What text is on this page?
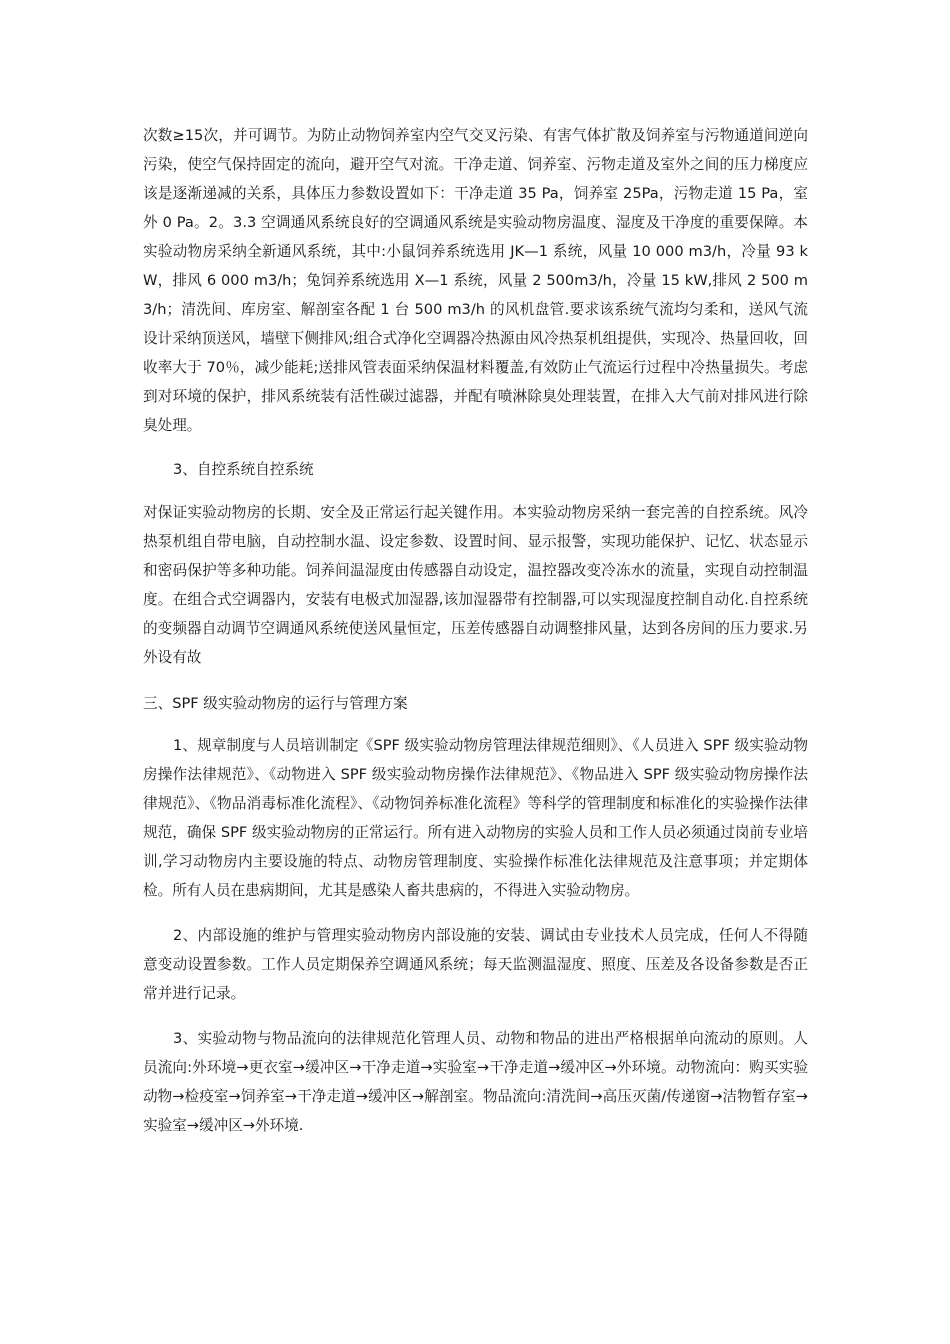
次数≥15次，并可调节。为防止动物饲养室内空气交叉污染、有害气体扩散及饲养室与污物通道间逆向污染，使空气保持固定的流向，避开空气对流。干净走道、饲养室、污物走道及室外之间的压力梯度应该是逐渐递减的关系，具体压力参数设置如下：干净走道 35 Pa，饲养室 25Pa，污物走道 15 Pa，室外 0 Pa。2。3.3 空调通风系统良好的空调通风系统是实验动物房温度、湿度及干净度的重要保障。本实验动物房采纳全新通风系统，其中:小鼠饲养系统选用 JK—1 系统，风量 10 000 m3/h，冷量 93 kW，排风 6 000 m3/h；兔饲养系统选用 X—1 系统，风量 2 500m3/h，冷量 15 kW,排风 2 500 m3/h；清洗间、库房室、解剖室各配 1 台 500 m3/h 的风机盘管.要求该系统气流均匀柔和，送风气流设计采纳顶送风，墙壁下侧排风;组合式净化空调器冷热源由风冷热泵机组提供，实现冷、热量回收，回收率大于 70％，减少能耗;送排风管表面采纳保温材料覆盖,有效防止气流运行过程中冷热量损失。考虑到对环境的保护，排风系统装有活性碳过滤器，并配有喷淋除臭处理装置，在排入大气前对排风进行除臭处理。

3、自控系统自控系统

对保证实验动物房的长期、安全及正常运行起关键作用。本实验动物房采纳一套完善的自控系统。风冷热泵机组自带电脑，自动控制水温、设定参数、设置时间、显示报警，实现功能保护、记忆、状态显示和密码保护等多种功能。饲养间温湿度由传感器自动设定，温控器改变冷冻水的流量，实现自动控制温度。在组合式空调器内，安装有电极式加湿器,该加湿器带有控制器,可以实现湿度控制自动化.自控系统的变频器自动调节空调通风系统使送风量恒定，压差传感器自动调整排风量，达到各房间的压力要求.另外设有故

三、SPF 级实验动物房的运行与管理方案

1、规章制度与人员培训制定《SPF 级实验动物房管理法律规范细则》、《人员进入 SPF 级实验动物房操作法律规范》、《动物进入 SPF 级实验动物房操作法律规范》、《物品进入 SPF 级实验动物房操作法律规范》、《物品消毒标准化流程》、《动物饲养标准化流程》等科学的管理制度和标准化的实验操作法律规范，确保 SPF 级实验动物房的正常运行。所有进入动物房的实验人员和工作人员必须通过岗前专业培训,学习动物房内主要设施的特点、动物房管理制度、实验操作标准化法律规范及注意事项；并定期体检。所有人员在患病期间，尤其是感染人畜共患病的，不得进入实验动物房。

2、内部设施的维护与管理实验动物房内部设施的安装、调试由专业技术人员完成，任何人不得随意变动设置参数。工作人员定期保养空调通风系统；每天监测温湿度、照度、压差及各设备参数是否正常并进行记录。

3、实验动物与物品流向的法律规范化管理人员、动物和物品的进出严格根据单向流动的原则。人员流向:外环境→更衣室→缓冲区→干净走道→实验室→干净走道→缓冲区→外环境。动物流向：购买实验动物→检疫室→饲养室→干净走道→缓冲区→解剖室。物品流向:清洗间→高压灭菌/传递窗→洁物暂存室→实验室→缓冲区→外环境.
